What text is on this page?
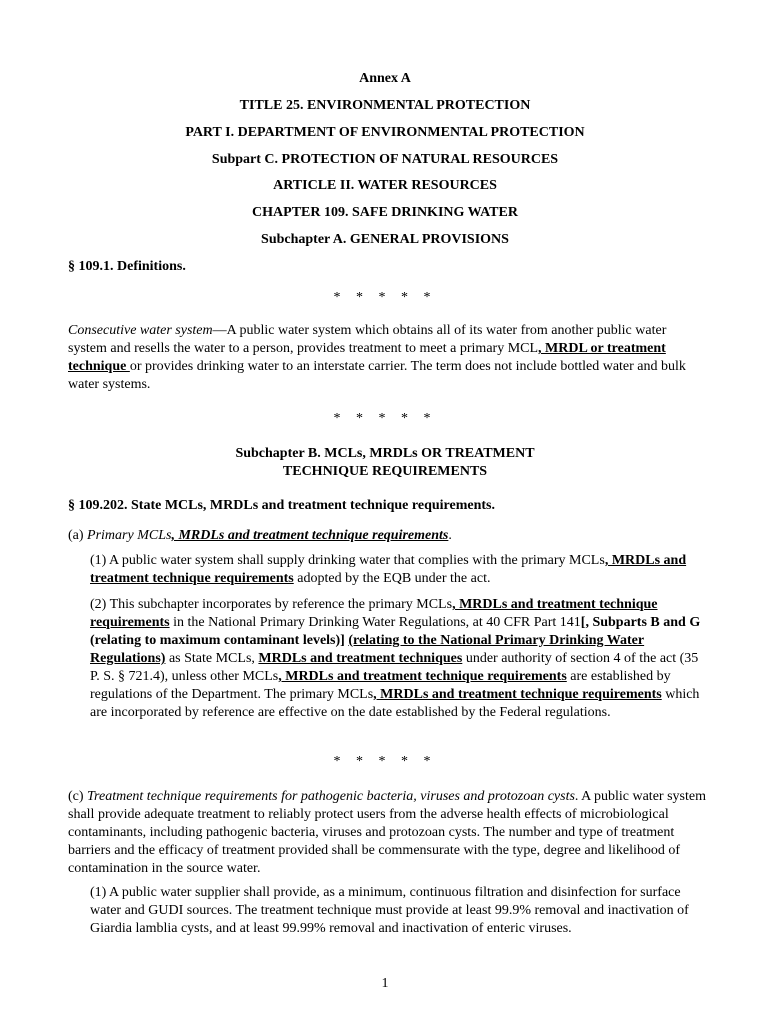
Annex A

TITLE 25. ENVIRONMENTAL PROTECTION

PART I. DEPARTMENT OF ENVIRONMENTAL PROTECTION

Subpart C. PROTECTION OF NATURAL RESOURCES

ARTICLE II. WATER RESOURCES

CHAPTER 109. SAFE DRINKING WATER

Subchapter A. GENERAL PROVISIONS

§ 109.1. Definitions.

* * * * *

Consecutive water system—A public water system which obtains all of its water from another public water system and resells the water to a person, provides treatment to meet a primary MCL, MRDL or treatment technique or provides drinking water to an interstate carrier. The term does not include bottled water and bulk water systems.

* * * * *

Subchapter B. MCLs, MRDLs OR TREATMENT

TECHNIQUE REQUIREMENTS

§ 109.202. State MCLs, MRDLs and treatment technique requirements.

(a) Primary MCLs, MRDLs and treatment technique requirements.

(1) A public water system shall supply drinking water that complies with the primary MCLs, MRDLs and treatment technique requirements adopted by the EQB under the act.

(2) This subchapter incorporates by reference the primary MCLs, MRDLs and treatment technique requirements in the National Primary Drinking Water Regulations, at 40 CFR Part 141[, Subparts B and G (relating to maximum contaminant levels)] (relating to the National Primary Drinking Water Regulations) as State MCLs, MRDLs and treatment techniques under authority of section 4 of the act (35 P. S. § 721.4), unless other MCLs, MRDLs and treatment technique requirements are established by regulations of the Department. The primary MCLs, MRDLs and treatment technique requirements which are incorporated by reference are effective on the date established by the Federal regulations.

* * * * *

(c) Treatment technique requirements for pathogenic bacteria, viruses and protozoan cysts. A public water system shall provide adequate treatment to reliably protect users from the adverse health effects of microbiological contaminants, including pathogenic bacteria, viruses and protozoan cysts. The number and type of treatment barriers and the efficacy of treatment provided shall be commensurate with the type, degree and likelihood of contamination in the source water.

(1) A public water supplier shall provide, as a minimum, continuous filtration and disinfection for surface water and GUDI sources. The treatment technique must provide at least 99.9% removal and inactivation of Giardia lamblia cysts, and at least 99.99% removal and inactivation of enteric viruses.

1
